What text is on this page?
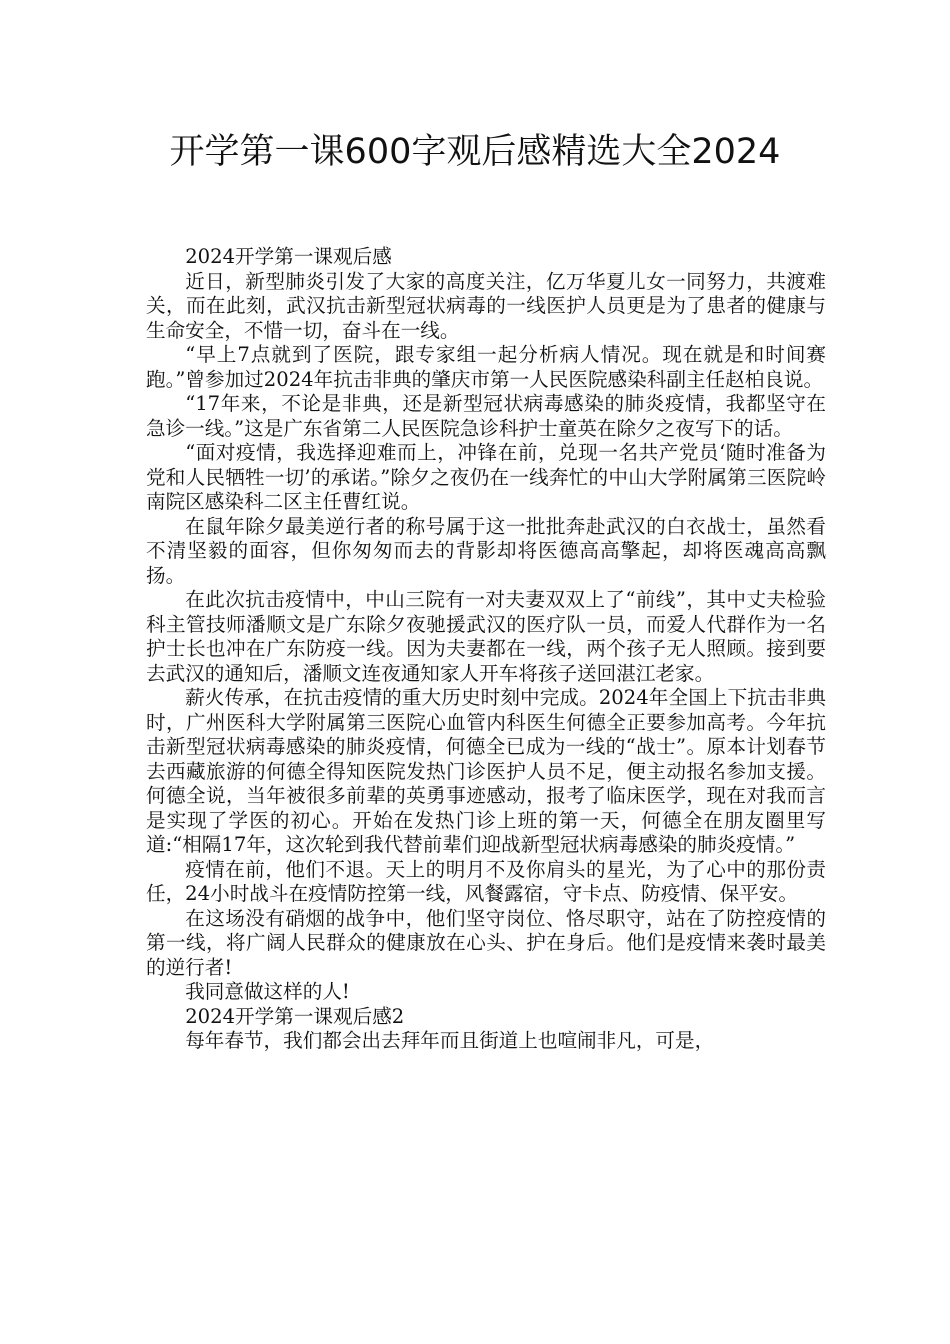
开学第一课600字观后感精选大全2024

2024开学第一课观后感

近日，新型肺炎引发了大家的高度关注，亿万华夏儿女一同努力，共渡难关，而在此刻，武汉抗击新型冠状病毒的一线医护人员更是为了患者的健康与生命安全，不惜一切，奋斗在一线。

“早上7点就到了医院，跟专家组一起分析病人情况。现在就是和时间赛跑。”曾参加过2024年抗击非典的肇庆市第一人民医院感染科副主任赵柏良说。

“17年来，不论是非典，还是新型冠状病毒感染的肺炎疫情，我都坚守在急诊一线。”这是广东省第二人民医院急诊科护士童英在除夕之夜写下的话。

“面对疫情，我选择迎难而上，冲锋在前，兑现一名共产党员‘随时准备为党和人民牺牲一切’的承诺。”除夕之夜仍在一线奔忙的中山大学附属第三医院岭南院区感染科二区主任曹红说。

在鼠年除夕最美逆行者的称号属于这一批批奔赴武汉的白衣战士，虽然看不清坚毅的面容，但你匆匆而去的背影却将医德高高擎起，却将医魂高高飘扬。

在此次抗击疫情中，中山三院有一对夫妻双双上了“前线”，其中丈夫检验科主管技师潘顺文是广东除夕夜驰援武汉的医疗队一员，而爱人代群作为一名护士长也冲在广东防疫一线。因为夫妻都在一线，两个孩子无人照顾。接到要去武汉的通知后，潘顺文连夜通知家人开车将孩子送回湛江老家。

薪火传承，在抗击疫情的重大历史时刻中完成。2024年全国上下抗击非典时，广州医科大学附属第三医院心血管内科医生何德全正要参加高考。今年抗击新型冠状病毒感染的肺炎疫情，何德全已成为一线的“战士”。原本计划春节去西藏旅游的何德全得知医院发热门诊医护人员不足，便主动报名参加支援。何德全说，当年被很多前辈的英勇事迹感动，报考了临床医学，现在对我而言是实现了学医的初心。开始在发热门诊上班的第一天，何德全在朋友圈里写道:“相隔17年，这次轮到我代替前辈们迎战新型冠状病毒感染的肺炎疫情。”

疫情在前，他们不退。天上的明月不及你肩头的星光，为了心中的那份责任，24小时战斗在疫情防控第一线，风餐露宿，守卡点、防疫情、保平安。

在这场没有硝烟的战争中，他们坚守岗位、恪尽职守，站在了防控疫情的第一线，将广阔人民群众的健康放在心头、护在身后。他们是疫情来袭时最美的逆行者!

我同意做这样的人!

2024开学第一课观后感2

每年春节，我们都会出去拜年而且街道上也喧闹非凡，可是，
